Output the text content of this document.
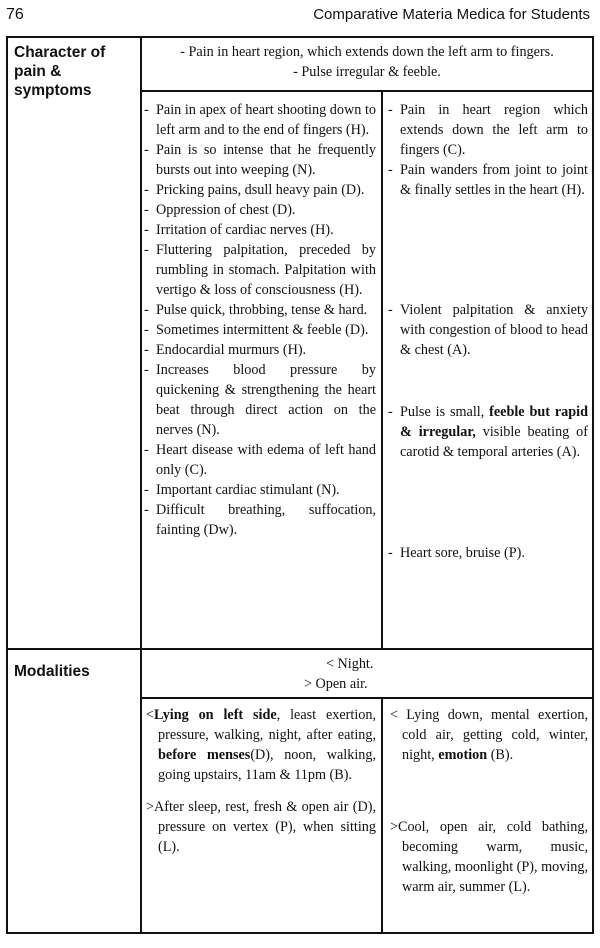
76	Comparative Materia Medica for Students
Character of pain & symptoms
- Pain in heart region, which extends down the left arm to fingers.
- Pulse irregular & feeble.
- Pain in apex of heart shooting down to left arm and to the end of fingers (H).
- Pain is so intense that he frequently bursts out into weeping (N).
- Pricking pains, dsull heavy pain (D).
- Oppression of chest (D).
- Irritation of cardiac nerves (H).
- Fluttering palpitation, preceded by rumbling in stomach. Palpitation with vertigo & loss of consciousness (H).
- Pulse quick, throbbing, tense & hard.
- Sometimes intermittent & feeble (D).
- Endocardial murmurs (H).
- Increases blood pressure by quickening & strengthening the heart beat through direct action on the nerves (N).
- Heart disease with edema of left hand only (C).
- Important cardiac stimulant (N).
- Difficult breathing, suffocation, fainting (Dw).
- Pain in heart region which extends down the left arm to fingers (C).
- Pain wanders from joint to joint & finally settles in the heart (H).
- Violent palpitation & anxiety with congestion of blood to head & chest (A).
- Pulse is small, feeble but rapid & irregular, visible beating of carotid & temporal arteries (A).
- Heart sore, bruise (P).
Modalities	< Night.
> Open air.

<Lying on left side, least exertion, pressure, walking, night, after eating, before menses(D), noon, walking, going upstairs, 11am & 11pm (B).

>After sleep, rest, fresh & open air (D), pressure on vertex (P), when sitting (L).

< Lying down, mental exertion, cold air, getting cold, winter, night, emotion (B).

>Cool, open air, cold bathing, becoming warm, music, walking, moonlight (P), moving, warm air, summer (L).
